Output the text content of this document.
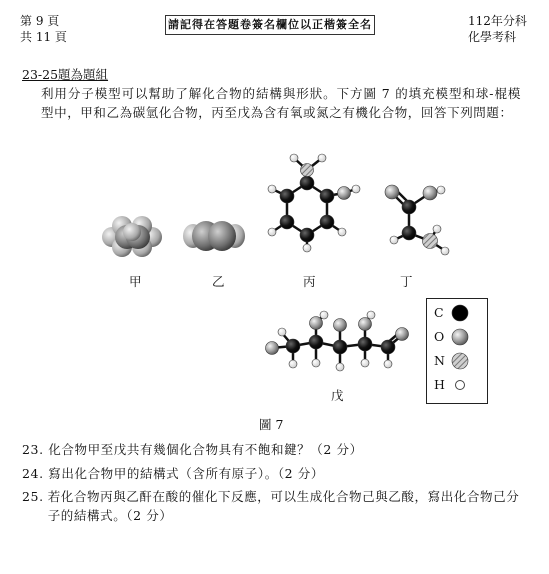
第 9 頁
共 11 頁
請記得在答題卷簽名欄位以正楷簽全名	112年分科
化學考科
23-25題為題組
利用分子模型可以幫助了解化合物的結構與形狀。下方圖 7 的填充模型和球-棍模型中，甲和乙為碳氫化合物，丙至戊為含有氧或氮之有機化合物，回答下列問題：
甲	乙	丙	丁
戊
C
O
N
H
圖 7
23. 化合物甲至戊共有幾個化合物具有不飽和鍵？（2 分）
24. 寫出化合物甲的結構式（含所有原子）。（2 分）
25. 若化合物丙與乙酐在酸的催化下反應，可以生成化合物己與乙酸，寫出化合物己分子的結構式。（2 分）
